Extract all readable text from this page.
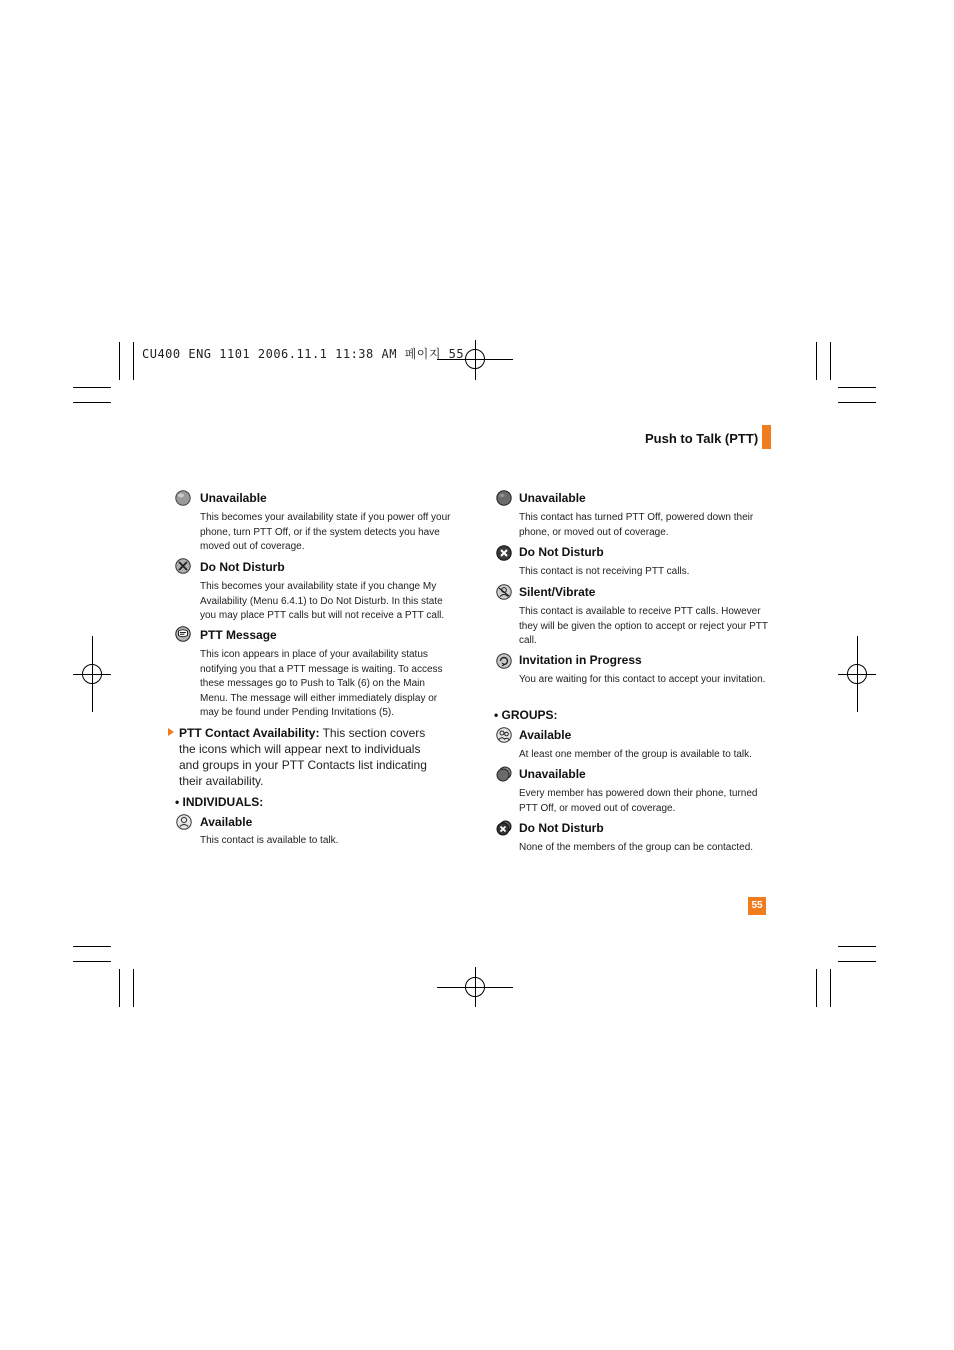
CU400 ENG 1101 2006.11.1 11:38 AM 페이지 55
Push to Talk (PTT)
Unavailable
This becomes your availability state if you power off your phone, turn PTT Off, or if the system detects you have moved out of coverage.
Do Not Disturb
This becomes your availability state if you change My Availability (Menu 6.4.1) to Do Not Disturb. In this state you may place PTT calls but will not receive a PTT call.
PTT Message
This icon appears in place of your availability status notifying you that a PTT message is waiting. To access these messages go to Push to Talk (6) on the Main Menu. The message will either immediately display or may be found under Pending Invitations (5).
PTT Contact Availability: This section covers the icons which will appear next to individuals and groups in your PTT Contacts list indicating their availability.
• INDIVIDUALS:
Available
This contact is available to talk.
Unavailable
This contact has turned PTT Off, powered down their phone, or moved out of coverage.
Do Not Disturb
This contact is not receiving PTT calls.
Silent/Vibrate
This contact is available to receive PTT calls. However they will be given the option to accept or reject your PTT call.
Invitation in Progress
You are waiting for this contact to accept your invitation.
• GROUPS:
Available
At least one member of the group is available to talk.
Unavailable
Every member has powered down their phone, turned PTT Off, or moved out of coverage.
Do Not Disturb
None of the members of the group can be contacted.
55
